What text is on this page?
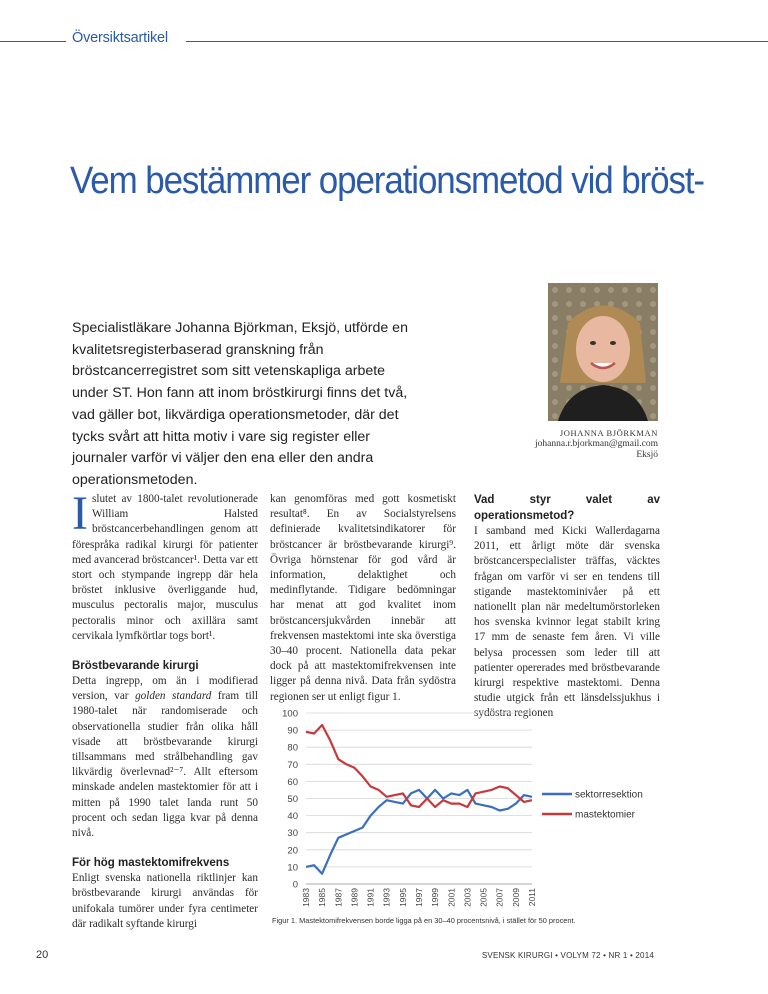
Översiktsartikel
Vem bestämmer operationsmetod vid bröst-
Specialistläkare Johanna Björkman, Eksjö, utförde en kvalitetsregisterbaserad granskning från bröstcancerregistret som sitt vetenskapliga arbete under ST. Hon fann att inom bröstkirurgi finns det två, vad gäller bot, likvärdiga operationsmetoder, där det tycks svårt att hitta motiv i vare sig register eller journaler varför vi väljer den ena eller den andra operationsmetoden.
JOHANNA BJÖRKMAN
johanna.r.bjorkman@gmail.com
Eksjö

Islutet av 1800-talet revolutionerade William Halsted bröstcancerbehandlingen genom att förespråka radikal kirurgi för patienter med avancerad bröstcancer¹. Detta var ett stort och stympande ingrepp där hela bröstet inklusive överliggande hud, musculus pectoralis major, musculus pectoralis minor och axillära samt cervikala lymfkörtlar togs bort¹.

Bröstbevarande kirurgi

Detta ingrepp, om än i modifierad version, var golden standard fram till 1980-talet när randomiserade och observationella studier från olika håll visade att bröstbevarande kirurgi tillsammans med strålbehandling gav likvärdig överlevnad²⁻⁷. Allt eftersom minskade andelen mastektomier för att i mitten på 1990 talet landa runt 50 procent och sedan ligga kvar på denna nivå.

För hög mastektomifrekvens

Enligt svenska nationella riktlinjer kan bröstbevarande kirurgi användas för unifokala tumörer under fyra centimeter där radikalt syftande kirurgi

kan genomföras med gott kosmetiskt resultat⁸. En av Socialstyrelsens definierade kvalitetsindikatorer för bröstcancer är bröstbevarande kirurgi⁹. Övriga hörnstenar för god vård är information, delaktighet och medinflytande. Tidigare bedömningar har menat att god kvalitet inom bröstcancersjukvården innebär att frekvensen mastektomi inte ska överstiga 30–40 procent. Nationella data pekar dock på att mastektomifrekvensen inte ligger på denna nivå. Data från sydöstra regionen ser ut enligt figur 1.

Vad styr valet av operationsmetod?

I samband med Kicki Wallerdagarna 2011, ett årligt möte där svenska bröstcancerspecialister träffas, väcktes frågan om varför vi ser en tendens till stigande mastektominivåer på ett nationellt plan när medeltumörstorleken hos svenska kvinnor legat stabilt kring 17 mm de senaste fem åren. Vi ville belysa processen som leder till att patienter opererades med bröstbevarande kirurgi respektive mastektomi. Denna studie utgick från ett länsdelssjukhus i sydöstra regionen

0
10
20
30
40
50
60
70
80
90
100
1983 1985 1987 1989 1991 1993 1995 1997 1999 2001 2003 2005 2007 2009 2011
sektorresektion
mastektomier
Figur 1. Mastektomifrekvensen borde ligga på en 30–40 procentsnivå, i stället för 50 procent.
20	SVENSK KIRURGI • VOLYM 72 • NR 1 • 2014
